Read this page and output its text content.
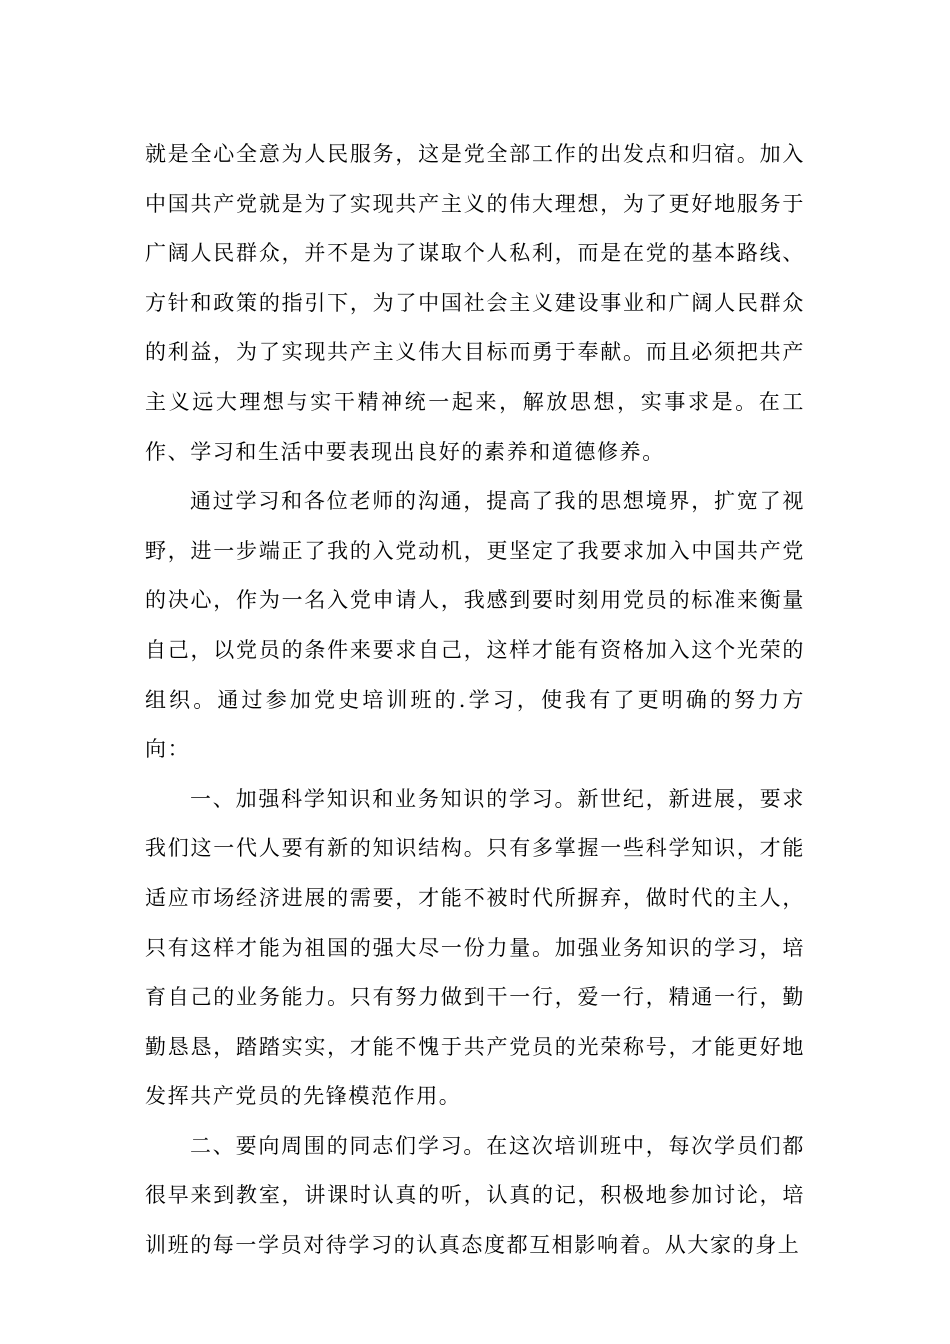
就是全心全意为人民服务，这是党全部工作的出发点和归宿。加入中国共产党就是为了实现共产主义的伟大理想，为了更好地服务于广阔人民群众，并不是为了谋取个人私利，而是在党的基本路线、方针和政策的指引下，为了中国社会主义建设事业和广阔人民群众的利益，为了实现共产主义伟大目标而勇于奉献。而且必须把共产主义远大理想与实干精神统一起来，解放思想，实事求是。在工作、学习和生活中要表现出良好的素养和道德修养。

通过学习和各位老师的沟通，提高了我的思想境界，扩宽了视野，进一步端正了我的入党动机，更坚定了我要求加入中国共产党的决心，作为一名入党申请人，我感到要时刻用党员的标准来衡量自己，以党员的条件来要求自己，这样才能有资格加入这个光荣的组织。通过参加党史培训班的.学习，使我有了更明确的努力方向：

一、加强科学知识和业务知识的学习。新世纪，新进展，要求我们这一代人要有新的知识结构。只有多掌握一些科学知识，才能适应市场经济进展的需要，才能不被时代所摒弃，做时代的主人，只有这样才能为祖国的强大尽一份力量。加强业务知识的学习，培育自己的业务能力。只有努力做到干一行，爱一行，精通一行，勤勤恳恳，踏踏实实，才能不愧于共产党员的光荣称号，才能更好地发挥共产党员的先锋模范作用。

二、要向周围的同志们学习。在这次培训班中，每次学员们都很早来到教室，讲课时认真的听，认真的记，积极地参加讨论，培训班的每一学员对待学习的认真态度都互相影响着。从大家的身上
